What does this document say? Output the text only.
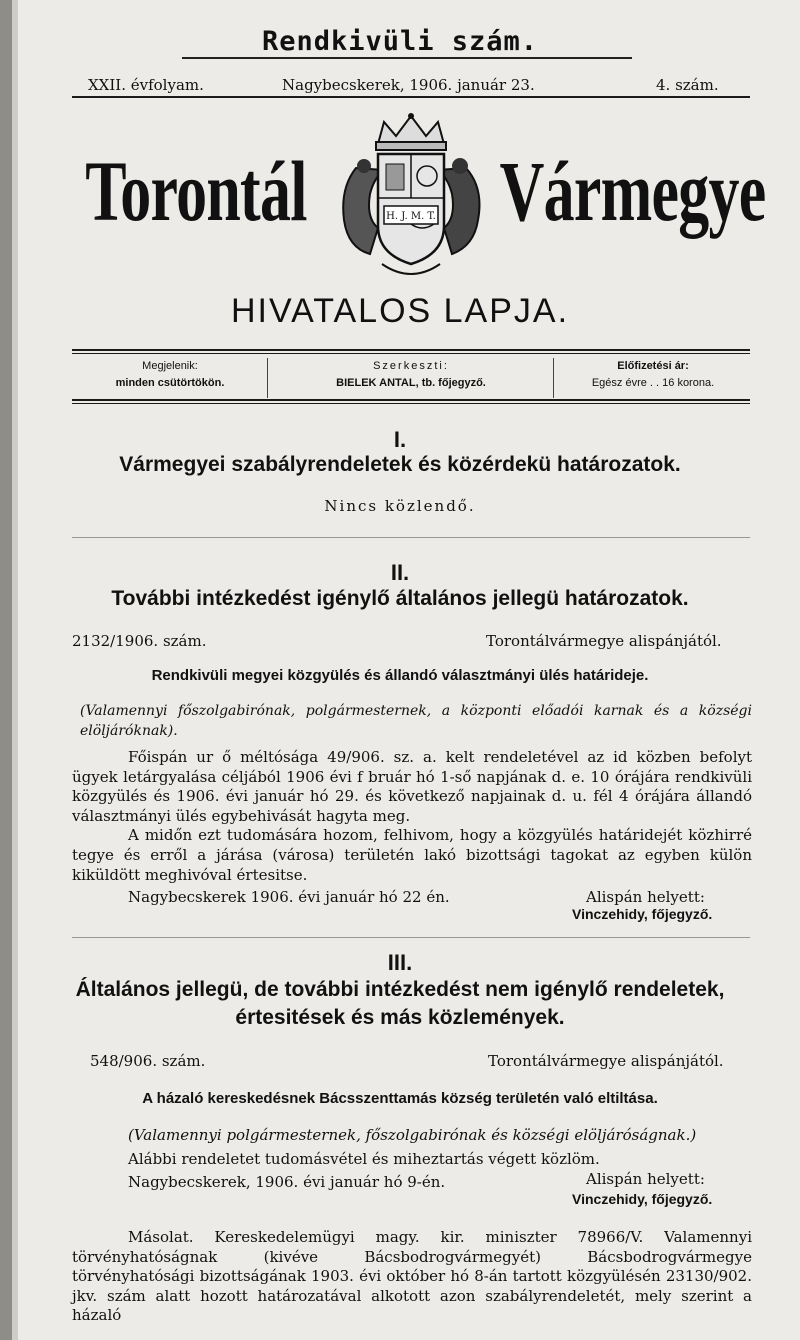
Rendkivüli szám.
XXII. évfolyam.	Nagybecskerek, 1906. január 23.	4. szám.
Torontál Vármegye
H. J. M. T.
HIVATALOS LAPJA.
Megjelenik:
minden csütörtökön.
Szerkeszti:
BIELEK ANTAL, tb. főjegyző.
Előfizetési ár:
Egész évre . . 16 korona.
I.
Vármegyei szabályrendeletek és közérdekü határozatok.
Nincs közlendő.
II.
További intézkedést igénylő általános jellegü határozatok.
2132/1906. szám.	Torontálvármegye alispánjától.
Rendkivüli megyei közgyülés és állandó választmányi ülés határideje.
(Valamennyi főszolgabirónak, polgármesternek, a központi előadói karnak és a községi elöljáróknak).

Főispán ur ő méltósága 49/906. sz. a. kelt rendeletével az id közben befolyt ügyek letárgyalása céljából 1906 évi f bruár hó 1-ső napjának d. e. 10 órájára rendkivüli közgyülés és 1906. évi január hó 29. és következő napjainak d. u. fél 4 órájára állandó választmányi ülés egybehivását hagyta meg.

A midőn ezt tudomására hozom, felhivom, hogy a közgyülés határidejét közhirré tegye és erről a járása (városa) területén lakó bizottsági tagokat az egyben külön kiküldött meghivóval értesitse.

Nagybecskerek 1906. évi január hó 22 én.	Alispán helyett:
Vinczehidy, főjegyző.
III.
Általános jellegü, de további intézkedést nem igénylő rendeletek,
értesitések és más közlemények.
548/906. szám.	Torontálvármegye alispánjától.
A házaló kereskedésnek Bácsszenttamás község területén való eltiltása.
(Valamennyi polgármesternek, főszolgabirónak és községi elöljáróságnak.)
Alábbi rendeletet tudomásvétel és miheztartás végett közlöm.
Nagybecskerek, 1906. évi január hó 9-én.	Alispán helyett:
Vinczehidy, főjegyző.
Másolat. Kereskedelemügyi magy. kir. miniszter 78966/V. Valamennyi törvényhatóságnak (kivéve Bácsbodrogvármegyét) Bácsbodrogvármegye törvényhatósági bizottságának 1903. évi október hó 8-án tartott közgyülésén 23130/902. jkv. szám alatt hozott határozatával alkotott azon szabályrendeletét, mely szerint a házaló
